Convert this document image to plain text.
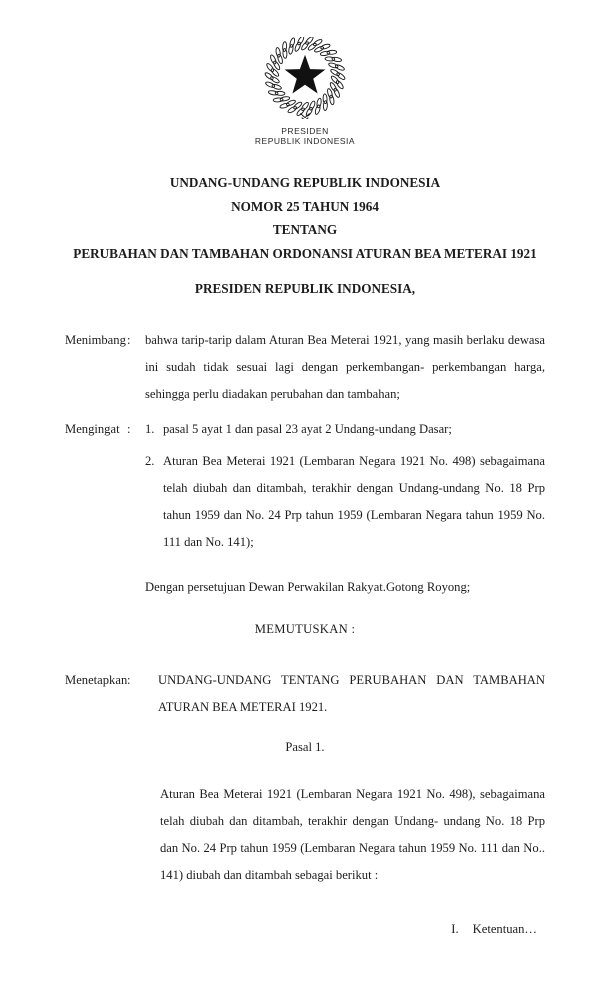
PRESIDEN
REPUBLIK INDONESIA
UNDANG-UNDANG REPUBLIK INDONESIA
NOMOR 25 TAHUN 1964
TENTANG
PERUBAHAN DAN TAMBAHAN ORDONANSI ATURAN BEA METERAI 1921
PRESIDEN REPUBLIK INDONESIA,
Menimbang :	bahwa tarip-tarip dalam Aturan Bea Meterai 1921, yang masih berlaku dewasa ini sudah tidak sesuai lagi dengan perkembangan- perkembangan harga, sehingga perlu diadakan perubahan dan tambahan;
Mengingat :	1. pasal 5 ayat 1 dan pasal 23 ayat 2 Undang-undang Dasar;
2. Aturan Bea Meterai 1921 (Lembaran Negara 1921 No. 498) sebagaimana telah diubah dan ditambah, terakhir dengan Undang-undang No. 18 Prp tahun 1959 dan No. 24 Prp tahun 1959 (Lembaran Negara tahun 1959 No. 111 dan No. 141);
Dengan persetujuan Dewan Perwakilan Rakyat.Gotong Royong;
MEMUTUSKAN :
Menetapkan :	UNDANG-UNDANG TENTANG PERUBAHAN DAN TAMBAHAN ATURAN BEA METERAI 1921.
Pasal 1.
Aturan Bea Meterai 1921 (Lembaran Negara 1921 No. 498), sebagaimana telah diubah dan ditambah, terakhir dengan Undang- undang No. 18 Prp dan No. 24 Prp tahun 1959 (Lembaran Negara tahun 1959 No. 111 dan No.. 141) diubah dan ditambah sebagai berikut :
I. Ketentuan…
